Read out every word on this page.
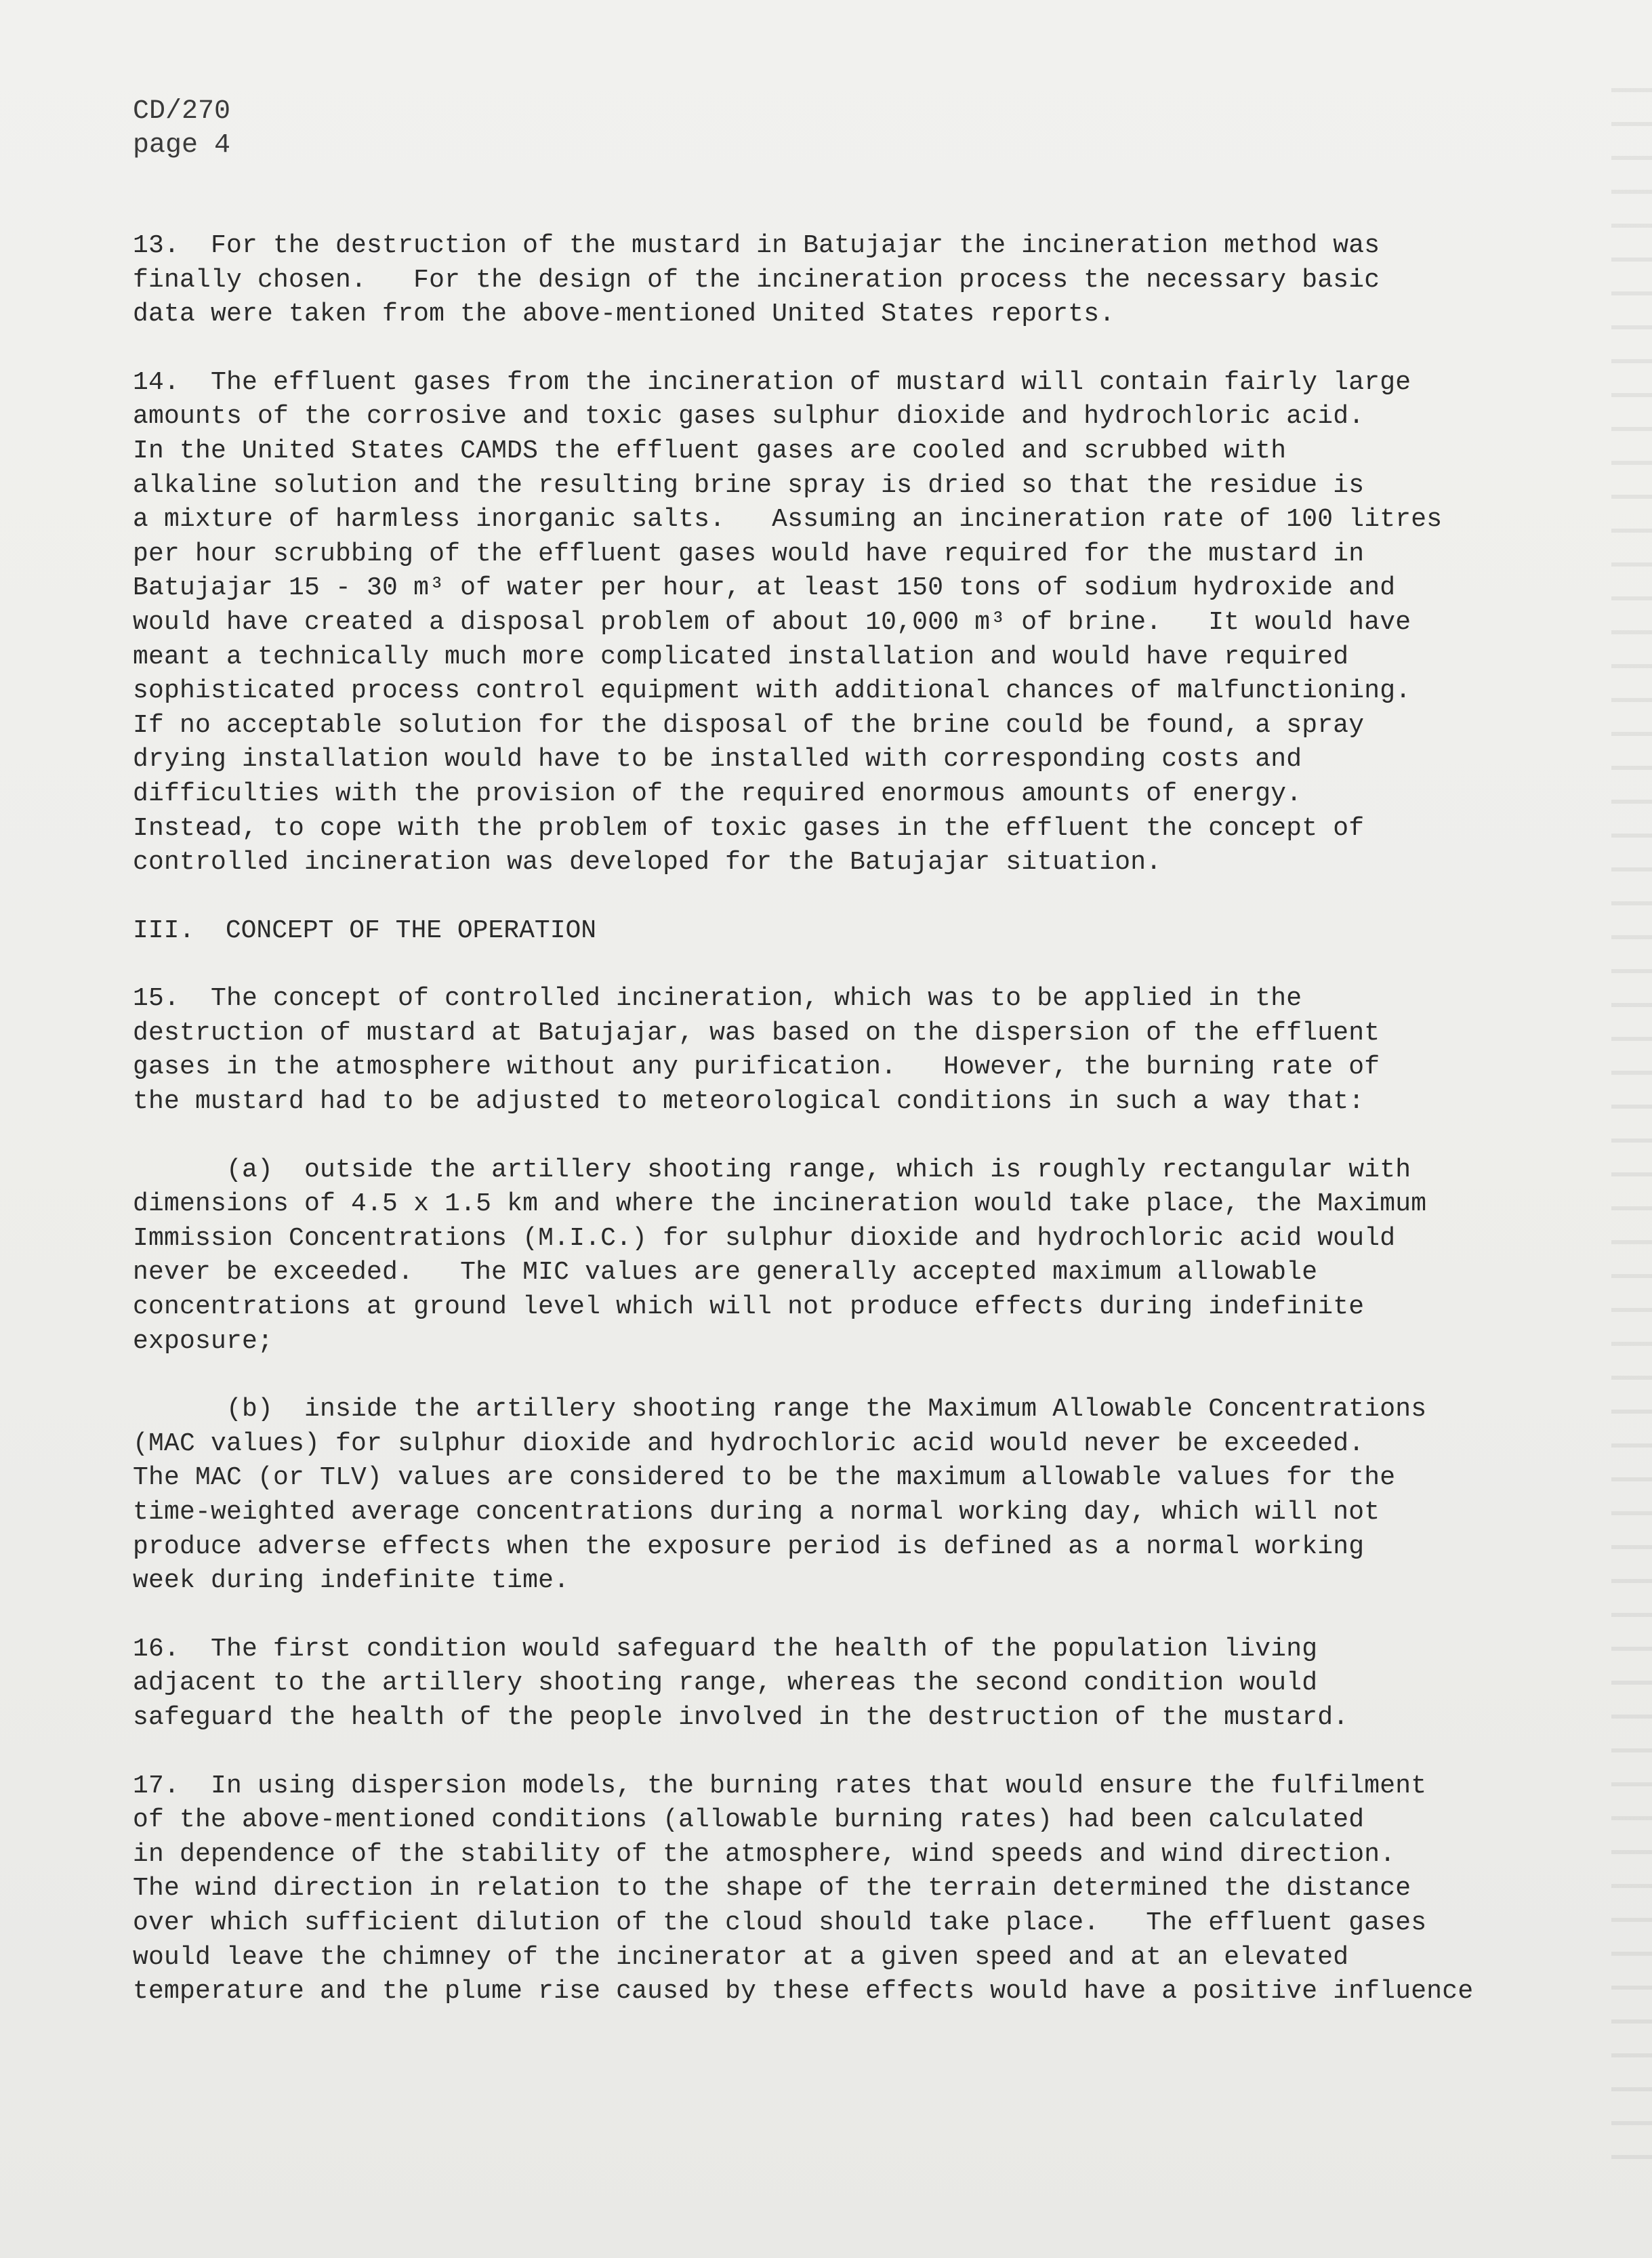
CD/270
page 4
13.  For the destruction of the mustard in Batujajar the incineration method was
finally chosen.   For the design of the incineration process the necessary basic
data were taken from the above-mentioned United States reports.
14.  The effluent gases from the incineration of mustard will contain fairly large
amounts of the corrosive and toxic gases sulphur dioxide and hydrochloric acid.
In the United States CAMDS the effluent gases are cooled and scrubbed with
alkaline solution and the resulting brine spray is dried so that the residue is
a mixture of harmless inorganic salts.   Assuming an incineration rate of 100 litres
per hour scrubbing of the effluent gases would have required for the mustard in
Batujajar 15 - 30 m³ of water per hour, at least 150 tons of sodium hydroxide and
would have created a disposal problem of about 10,000 m³ of brine.   It would have
meant a technically much more complicated installation and would have required
sophisticated process control equipment with additional chances of malfunctioning.
If no acceptable solution for the disposal of the brine could be found, a spray
drying installation would have to be installed with corresponding costs and
difficulties with the provision of the required enormous amounts of energy.
Instead, to cope with the problem of toxic gases in the effluent the concept of
controlled incineration was developed for the Batujajar situation.
III.  CONCEPT OF THE OPERATION
15.  The concept of controlled incineration, which was to be applied in the
destruction of mustard at Batujajar, was based on the dispersion of the effluent
gases in the atmosphere without any purification.   However, the burning rate of
the mustard had to be adjusted to meteorological conditions in such a way that:
(a)  outside the artillery shooting range, which is roughly rectangular with
dimensions of 4.5 x 1.5 km and where the incineration would take place, the Maximum
Immission Concentrations (M.I.C.) for sulphur dioxide and hydrochloric acid would
never be exceeded.   The MIC values are generally accepted maximum allowable
concentrations at ground level which will not produce effects during indefinite
exposure;
(b)  inside the artillery shooting range the Maximum Allowable Concentrations
(MAC values) for sulphur dioxide and hydrochloric acid would never be exceeded.
The MAC (or TLV) values are considered to be the maximum allowable values for the
time-weighted average concentrations during a normal working day, which will not
produce adverse effects when the exposure period is defined as a normal working
week during indefinite time.
16.  The first condition would safeguard the health of the population living
adjacent to the artillery shooting range, whereas the second condition would
safeguard the health of the people involved in the destruction of the mustard.
17.  In using dispersion models, the burning rates that would ensure the fulfilment
of the above-mentioned conditions (allowable burning rates) had been calculated
in dependence of the stability of the atmosphere, wind speeds and wind direction.
The wind direction in relation to the shape of the terrain determined the distance
over which sufficient dilution of the cloud should take place.   The effluent gases
would leave the chimney of the incinerator at a given speed and at an elevated
temperature and the plume rise caused by these effects would have a positive influence
